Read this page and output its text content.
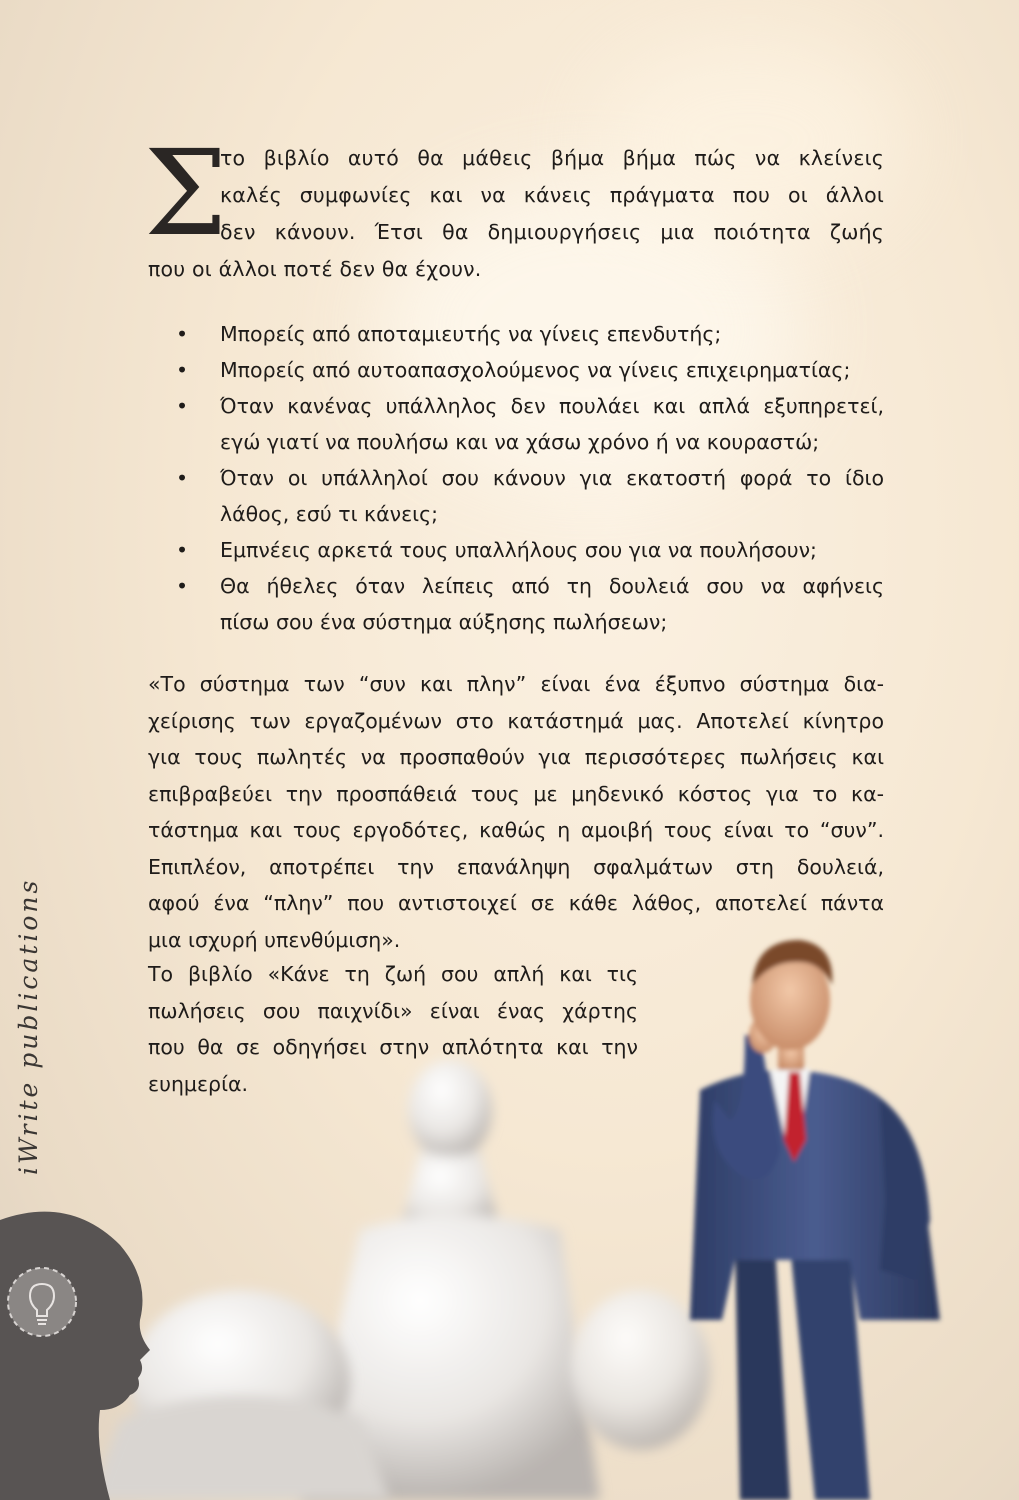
iWrite publications
Σ
το βιβλίο αυτό θα μάθεις βήμα βήμα πώς να κλείνεις
καλές συμφωνίες και να κάνεις πράγματα που οι άλλοι
δεν κάνουν. Έτσι θα δημιουργήσεις μια ποιότητα ζωής
που οι άλλοι ποτέ δεν θα έχουν.
• Μπορείς από αποταμιευτής να γίνεις επενδυτής;
• Μπορείς από αυτοαπασχολούμενος να γίνεις επιχειρηματίας;
• Όταν κανένας υπάλληλος δεν πουλάει και απλά εξυπηρετεί,
εγώ γιατί να πουλήσω και να χάσω χρόνο ή να κουραστώ;
• Όταν οι υπάλληλοί σου κάνουν για εκατοστή φορά το ίδιο
λάθος, εσύ τι κάνεις;
• Εμπνέεις αρκετά τους υπαλλήλους σου για να πουλήσουν;
• Θα ήθελες όταν λείπεις από τη δουλειά σου να αφήνεις
πίσω σου ένα σύστημα αύξησης πωλήσεων;
«Το σύστημα των “συν και πλην” είναι ένα έξυπνο σύστημα δια-
χείρισης των εργαζομένων στο κατάστημά μας. Αποτελεί κίνητρο
για τους πωλητές να προσπαθούν για περισσότερες πωλήσεις και
επιβραβεύει την προσπάθειά τους με μηδενικό κόστος για το κα-
τάστημα και τους εργοδότες, καθώς η αμοιβή τους είναι το “συν”.
Επιπλέον, αποτρέπει την επανάληψη σφαλμάτων στη δουλειά,
αφού ένα “πλην” που αντιστοιχεί σε κάθε λάθος, αποτελεί πάντα
μια ισχυρή υπενθύμιση».
Το βιβλίο «Κάνε τη ζωή σου απλή και τις
πωλήσεις σου παιχνίδι» είναι ένας χάρτης
που θα σε οδηγήσει στην απλότητα και την
ευημερία.
